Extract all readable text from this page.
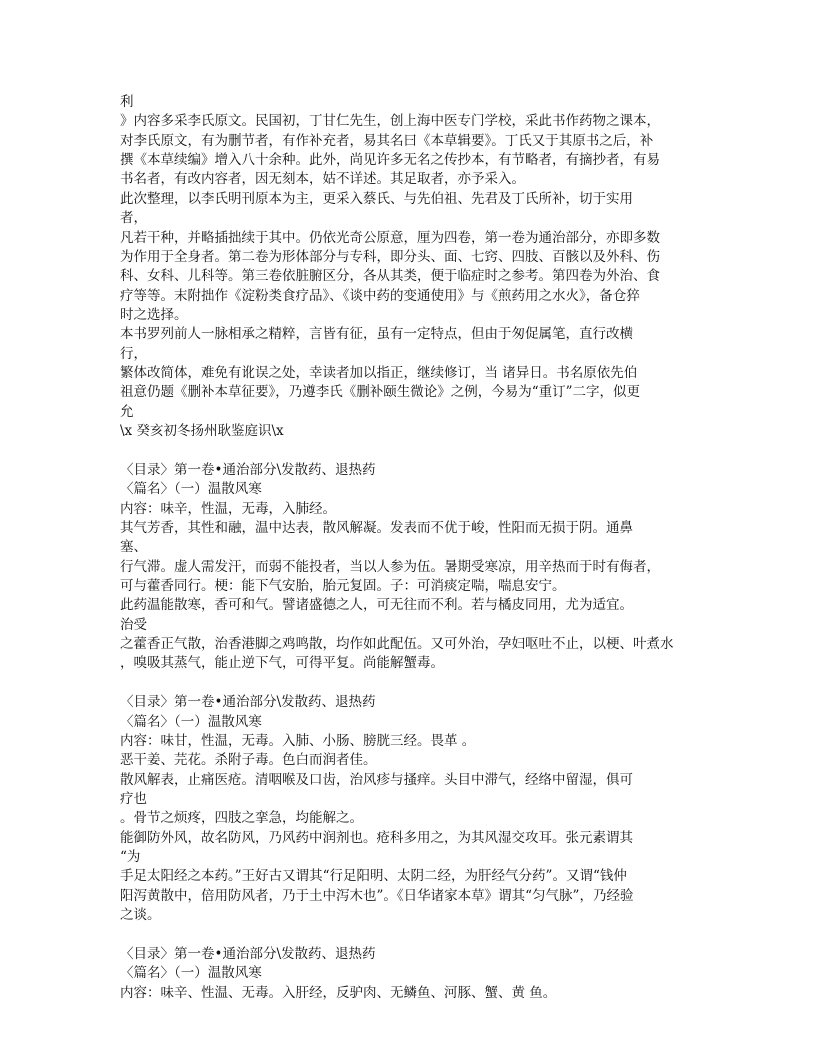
利
》内容多采李氏原文。民国初，丁甘仁先生，创上海中医专门学校，采此书作药物之课本，
对李氏原文，有为删节者，有作补充者，易其名曰《本草辑要》。丁氏又于其原书之后，补
撰《本草续编》增入八十余种。此外，尚见许多无名之传抄本，有节略者，有摘抄者，有易
书名者，有改内容者，因无刻本，姑不详述。其足取者，亦予采入。
此次整理，以李氏明刊原本为主，更采入蔡氏、与先伯祖、先君及丁氏所补，切于实用
者，
凡若干种，并略插拙续于其中。仍依光奇公原意，厘为四卷，第一卷为通治部分，亦即多数
为作用于全身者。第二卷为形体部分与专科，即分头、面、七窍、四肢、百骸以及外科、伤
科、女科、儿科等。第三卷依脏腑区分，各从其类，便于临症时之参考。第四卷为外治、食
疗等等。末附拙作《淀粉类食疗品》、《谈中药的变通使用》与《煎药用之水火》，备仓猝
时之选择。
本书罗列前人一脉相承之精粹，言皆有征，虽有一定特点，但由于匆促属笔，直行改横
行，
繁体改简体，难免有讹误之处，幸读者加以指正，继续修订，当 诸异日。书名原依先伯
祖意仍题《删补本草征要》，乃遵李氏《删补颐生微论》之例，今易为“重订”二字，似更
允
\x 癸亥初冬扬州耿鉴庭识\x
〈目录〉第一卷•通治部分\发散药、退热药
〈篇名〉（一）温散风寒
内容：味辛，性温，无毒，入肺经。
其气芳香，其性和融，温中达表，散风解凝。发表而不优于峻，性阳而无损于阴。通鼻
塞、
行气滞。虚人需发汗，而弱不能投者，当以人参为伍。暑期受寒凉，用辛热而于时有侮者，
可与藿香同行。梗：能下气安胎，胎元复固。子：可消痰定喘，喘息安宁。
此药温能散寒，香可和气。譬诸盛德之人，可无往而不利。若与橘皮同用，尤为适宜。
治受
之藿香正气散，治香港脚之鸡鸣散，均作如此配伍。又可外治，孕妇呕吐不止，以梗、叶煮水
，嗅吸其蒸气，能止逆下气，可得平复。尚能解蟹毒。
〈目录〉第一卷•通治部分\发散药、退热药
〈篇名〉（一）温散风寒
内容：味甘，性温，无毒。入肺、小肠、膀胱三经。畏革 。
恶干姜、芫花。杀附子毒。色白而润者佳。
散风解表，止痛医疮。清咽喉及口齿，治风疹与搔痒。头目中滞气，经络中留湿，俱可
疗也
。骨节之烦疼，四肢之挛急，均能解之。
能御防外风，故名防风，乃风药中润剂也。疮科多用之，为其风湿交攻耳。张元素谓其
“为
手足太阳经之本药。”王好古又谓其“行足阳明、太阴二经，为肝经气分药”。又谓“钱仲
阳泻黄散中，倍用防风者，乃于土中泻木也”。《日华诸家本草》谓其“匀气脉”，乃经验
之谈。
〈目录〉第一卷•通治部分\发散药、退热药
〈篇名〉（一）温散风寒
内容：味辛、性温、无毒。入肝经，反驴肉、无鳞鱼、河豚、蟹、黄 鱼。
